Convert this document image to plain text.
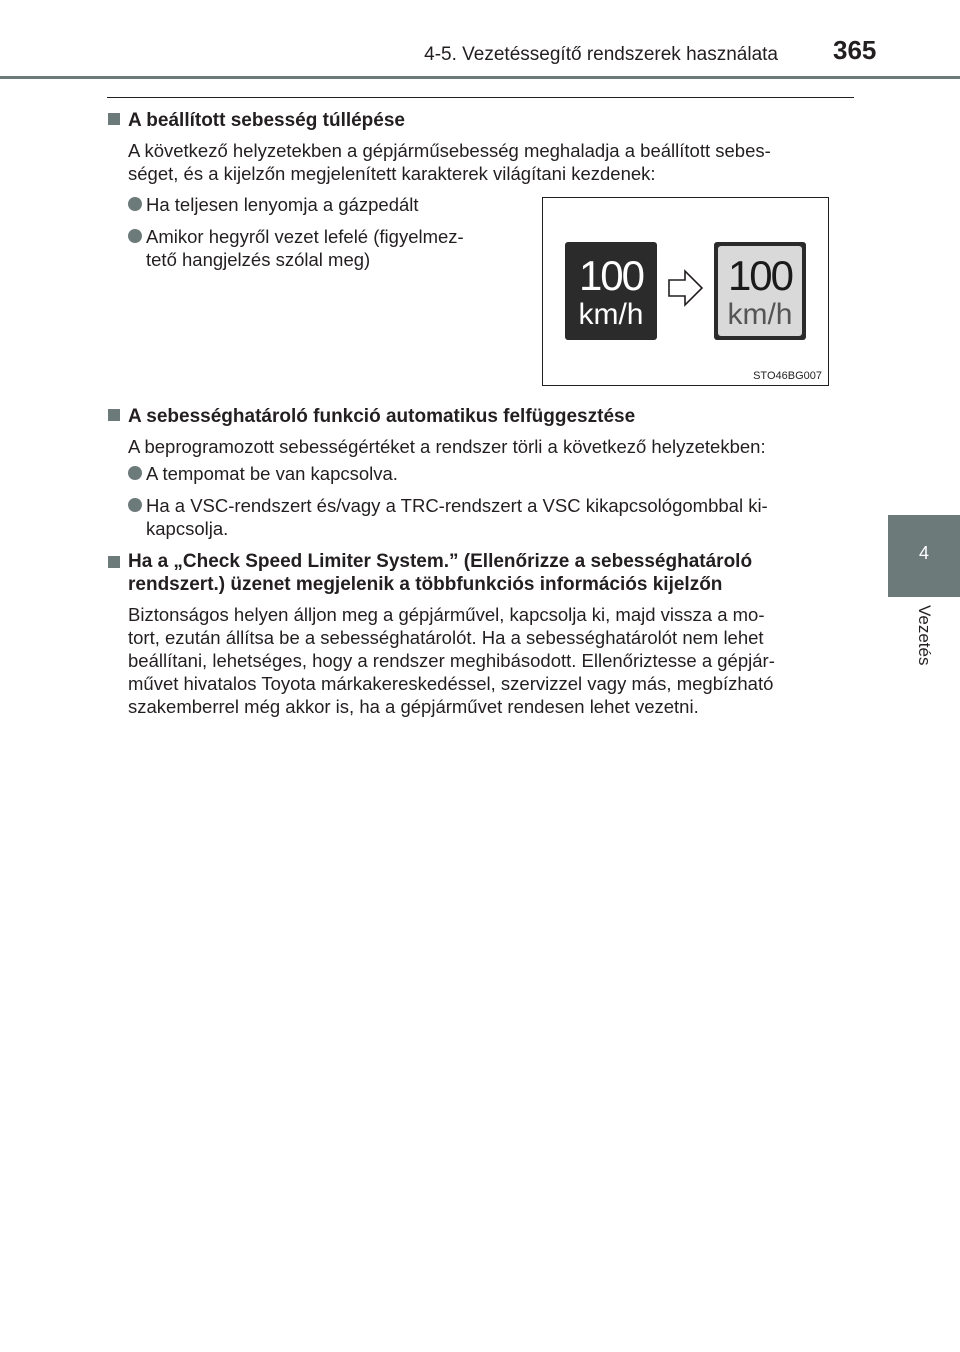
4-5. Vezetéssegítő rendszerek használata 365
4
Vezetés
A beállított sebesség túllépése
A következő helyzetekben a gépjárműsebesség meghaladja a beállított sebes-
séget, és a kijelzőn megjelenített karakterek világítani kezdenek:
Ha teljesen lenyomja a gázpedált
Amikor hegyről vezet lefelé (figyelmez-
tető hangjelzés szólal meg)	100
km/h
100
km/h
STO46BG007
A sebességhatároló funkció automatikus felfüggesztése
A beprogramozott sebességértéket a rendszer törli a következő helyzetekben:
A tempomat be van kapcsolva.
Ha a VSC-rendszert és/vagy a TRC-rendszert a VSC kikapcsológombbal ki-
kapcsolja.
Ha a „Check Speed Limiter System.” (Ellenőrizze a sebességhatároló
rendszert.) üzenet megjelenik a többfunkciós információs kijelzőn
Biztonságos helyen álljon meg a gépjárművel, kapcsolja ki, majd vissza a mo-
tort, ezután állítsa be a sebességhatárolót. Ha a sebességhatárolót nem lehet
beállítani, lehetséges, hogy a rendszer meghibásodott. Ellenőriztesse a gépjár-
művet hivatalos Toyota márkakereskedéssel, szervizzel vagy más, megbízható
szakemberrel még akkor is, ha a gépjárművet rendesen lehet vezetni.
